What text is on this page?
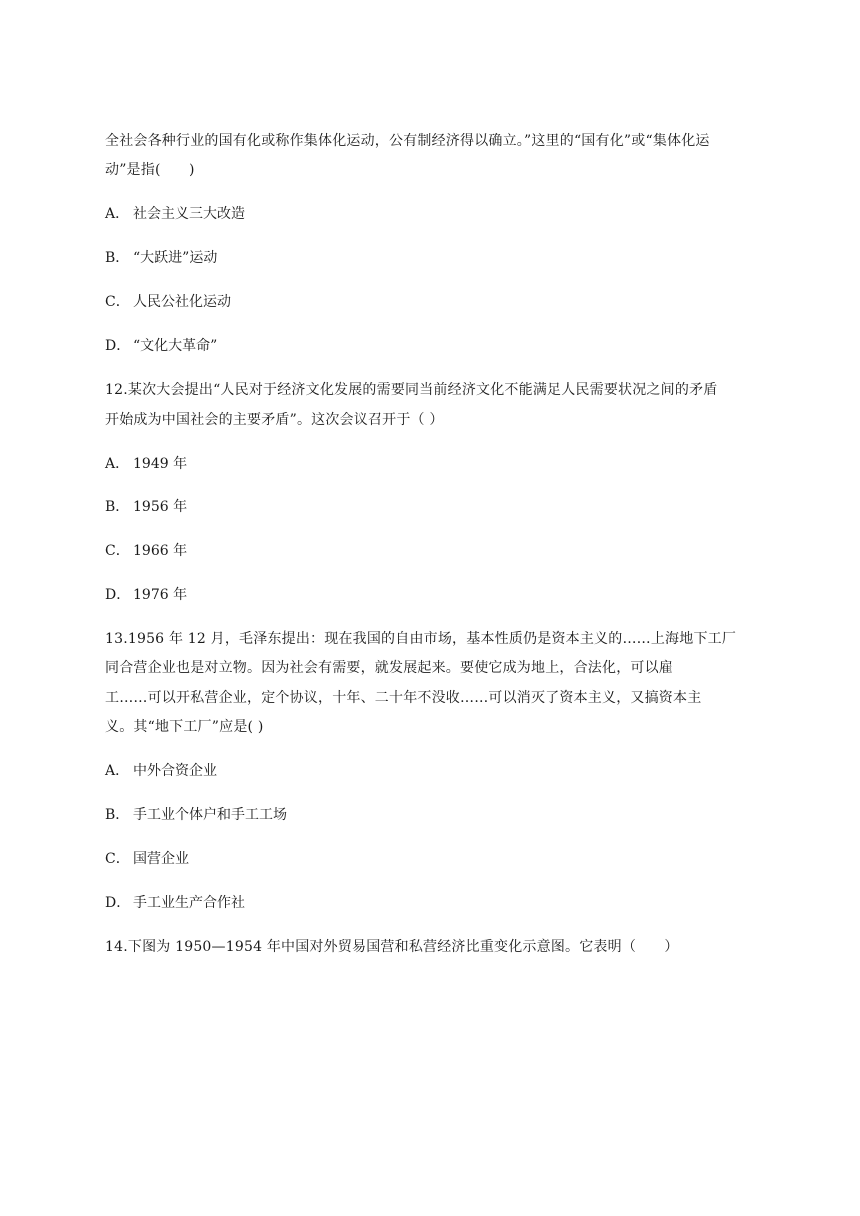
全社会各种行业的国有化或称作集体化运动，公有制经济得以确立。”这里的“国有化”或“集体化运
动”是指(　　)
A． 社会主义三大改造
B． “大跃进”运动
C． 人民公社化运动
D． “文化大革命”
12.某次大会提出“人民对于经济文化发展的需要同当前经济文化不能满足人民需要状况之间的矛盾
开始成为中国社会的主要矛盾”。这次会议召开于（ ）
A． 1949 年
B． 1956 年
C． 1966 年
D． 1976 年
13.1956 年 12 月，毛泽东提出：现在我国的自由市场，基本性质仍是资本主义的……上海地下工厂
同合营企业也是对立物。因为社会有需要，就发展起来。要使它成为地上，合法化，可以雇
工……可以开私营企业，定个协议，十年、二十年不没收……可以消灭了资本主义，又搞资本主
义。其“地下工厂”应是( )
A． 中外合资企业
B． 手工业个体户和手工工场
C． 国营企业
D． 手工业生产合作社
14.下图为 1950—1954 年中国对外贸易国营和私营经济比重变化示意图。它表明（　　）
